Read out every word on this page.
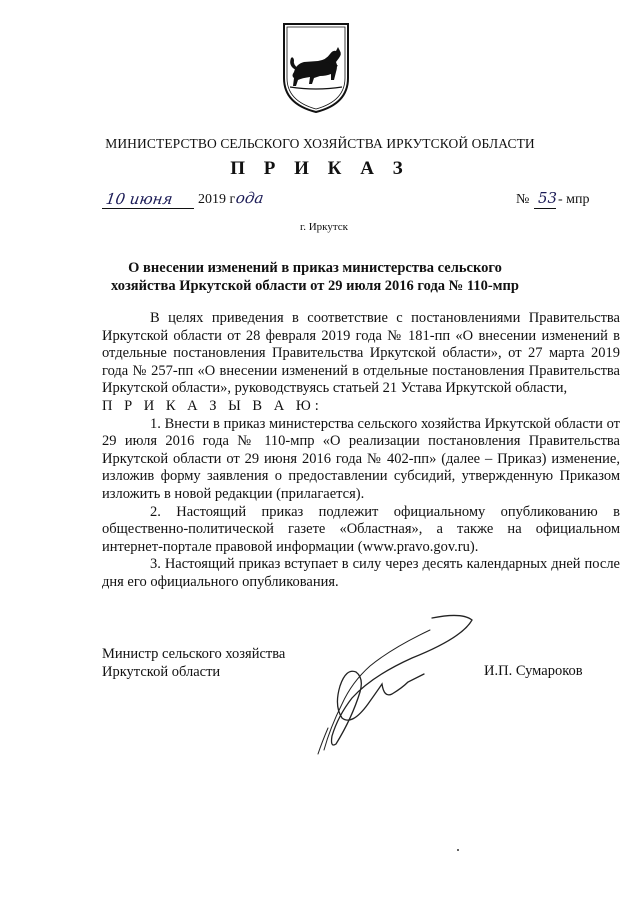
МИНИСТЕРСТВО СЕЛЬСКОГО ХОЗЯЙСТВА ИРКУТСКОЙ ОБЛАСТИ
П Р И К А З
10 июня 2019 г ода	№ 53 - мпр
г. Иркутск
О внесении изменений в приказ министерства сельского хозяйства Иркутской области от 29 июля 2016 года № 110-мпр

В целях приведения в соответствие с постановлениями Правительства Иркутской области от 28 февраля 2019 года № 181-пп «О внесении изменений в отдельные постановления Правительства Иркутской области», от 27 марта 2019 года № 257-пп «О внесении изменений в отдельные постановления Правительства Иркутской области», руководствуясь статьей 21 Устава Иркутской области,

П Р И К А З Ы В А Ю:

1. Внести в приказ министерства сельского хозяйства Иркутской области от 29 июля 2016 года № 110-мпр «О реализации постановления Правительства Иркутской области от 29 июня 2016 года № 402-пп» (далее – Приказ) изменение, изложив форму заявления о предоставлении субсидий, утвержденную Приказом изложить в новой редакции (прилагается).

2. Настоящий приказ подлежит официальному опубликованию в общественно-политической газете «Областная», а также на официальном интернет-портале правовой информации (www.pravo.gov.ru).

3. Настоящий приказ вступает в силу через десять календарных дней после дня его официального опубликования.

Министр сельского хозяйства
Иркутской области	И.П. Сумароков
